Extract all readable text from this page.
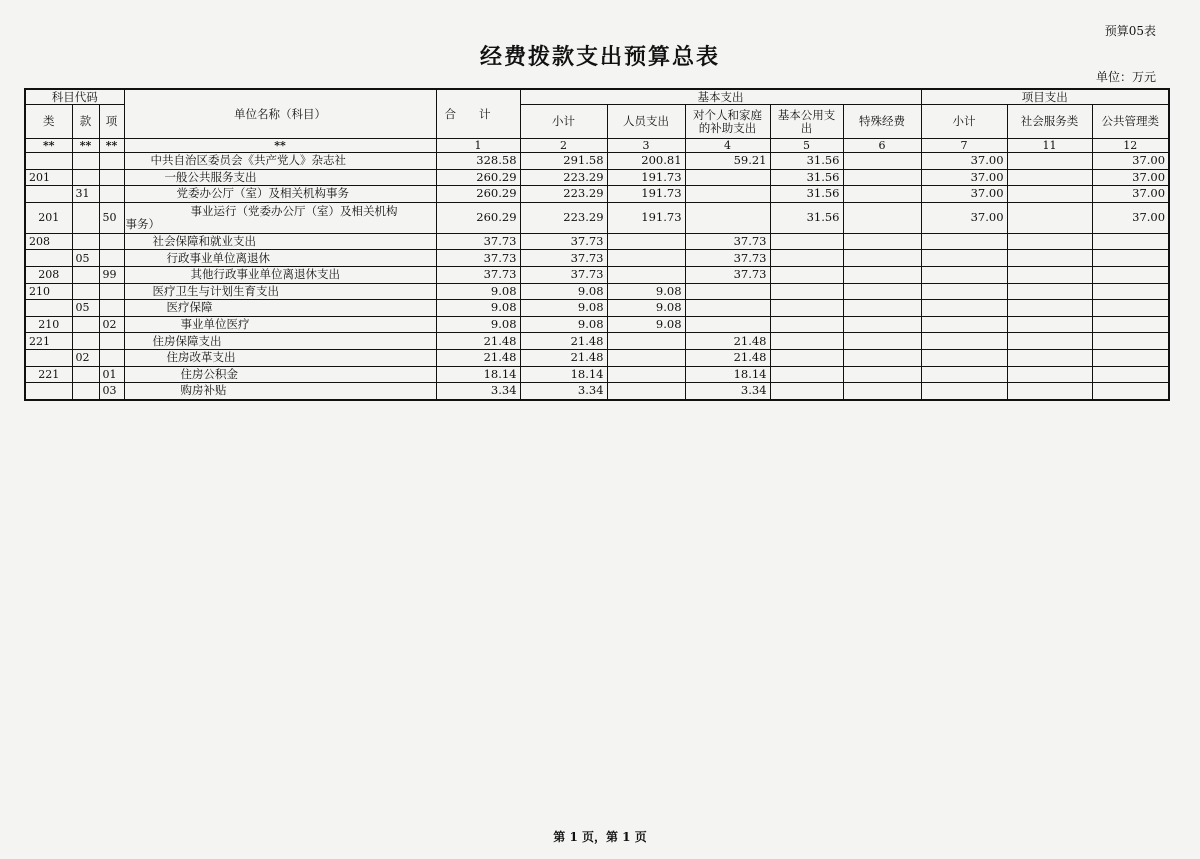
预算05表
经费拨款支出预算总表
单位：万元
科目代码			单位名称（科目）	合　　计	基本支出					项目支出		
类	款	项			小计	人员支出	对个人和家庭的补助支出	基本公用支出	特殊经费	小计	社会服务类	公共管理类
**	**	**	**	1	2	3	4	5	6	7	11	12
			中共自治区委员会《共产党人》杂志社	328.58	291.58	200.81	59.21	31.56		37.00		37.00
201			一般公共服务支出	260.29	223.29	191.73		31.56		37.00		37.00
	31		党委办公厅（室）及相关机构事务	260.29	223.29	191.73		31.56		37.00		37.00
201		50	事业运行（党委办公厅（室）及相关机构
事务）	260.29	223.29	191.73		31.56		37.00		37.00
208			社会保障和就业支出	37.73	37.73		37.73					
	05		行政事业单位离退休	37.73	37.73		37.73					
208		99	其他行政事业单位离退休支出	37.73	37.73		37.73					
210			医疗卫生与计划生育支出	9.08	9.08	9.08						
	05		医疗保障	9.08	9.08	9.08						
210		02	事业单位医疗	9.08	9.08	9.08						
221			住房保障支出	21.48	21.48		21.48					
	02		住房改革支出	21.48	21.48		21.48					
221		01	住房公积金	18.14	18.14		18.14					
		03	购房补贴	3.34	3.34		3.34					
第 1 页，第 1 页
